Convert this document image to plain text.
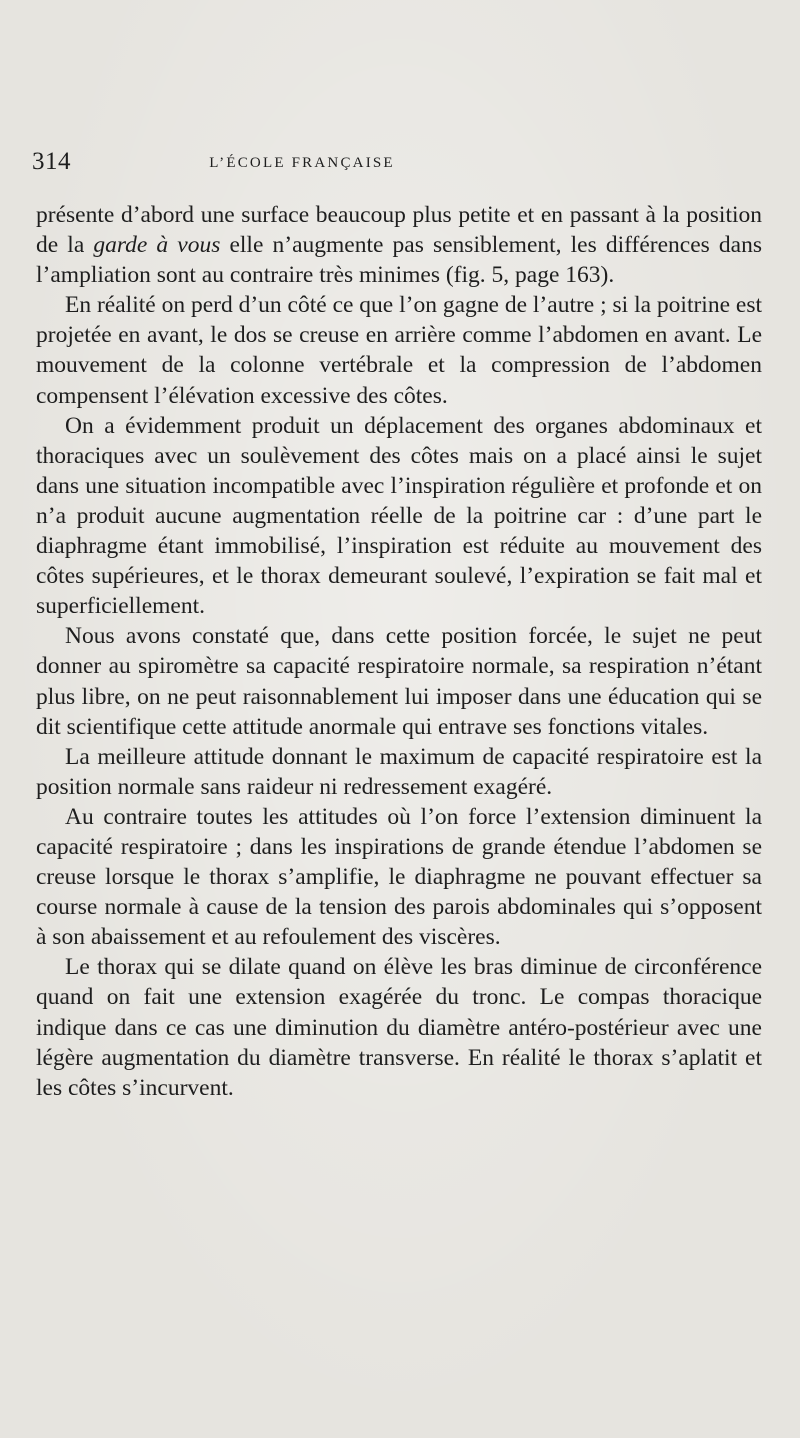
314	L’ÉCOLE FRANÇAISE

présente d’abord une surface beaucoup plus petite et en passant à la position de la garde à vous elle n’augmente pas sensiblement, les différences dans l’ampliation sont au contraire très minimes (fig. 5, page 163).

En réalité on perd d’un côté ce que l’on gagne de l’autre ; si la poitrine est projetée en avant, le dos se creuse en arrière comme l’abdomen en avant. Le mouvement de la colonne vertébrale et la compression de l’abdomen compensent l’élévation excessive des côtes.

On a évidemment produit un déplacement des organes abdominaux et thoraciques avec un soulèvement des côtes mais on a placé ainsi le sujet dans une situation incompatible avec l’inspiration régulière et profonde et on n’a produit aucune augmentation réelle de la poitrine car : d’une part le diaphragme étant immobilisé, l’inspiration est réduite au mouvement des côtes supérieures, et le thorax demeurant soulevé, l’expiration se fait mal et superficiellement.

Nous avons constaté que, dans cette position forcée, le sujet ne peut donner au spiromètre sa capacité respiratoire normale, sa respiration n’étant plus libre, on ne peut raisonnablement lui imposer dans une éducation qui se dit scientifique cette attitude anormale qui entrave ses fonctions vitales.

La meilleure attitude donnant le maximum de capacité respiratoire est la position normale sans raideur ni redressement exagéré.

Au contraire toutes les attitudes où l’on force l’extension diminuent la capacité respiratoire ; dans les inspirations de grande étendue l’abdomen se creuse lorsque le thorax s’amplifie, le diaphragme ne pouvant effectuer sa course normale à cause de la tension des parois abdominales qui s’opposent à son abaissement et au refoulement des viscères.

Le thorax qui se dilate quand on élève les bras diminue de circonférence quand on fait une extension exagérée du tronc. Le compas thoracique indique dans ce cas une diminution du diamètre antéro-postérieur avec une légère augmentation du diamètre transverse. En réalité le thorax s’aplatit et les côtes s’incurvent.
